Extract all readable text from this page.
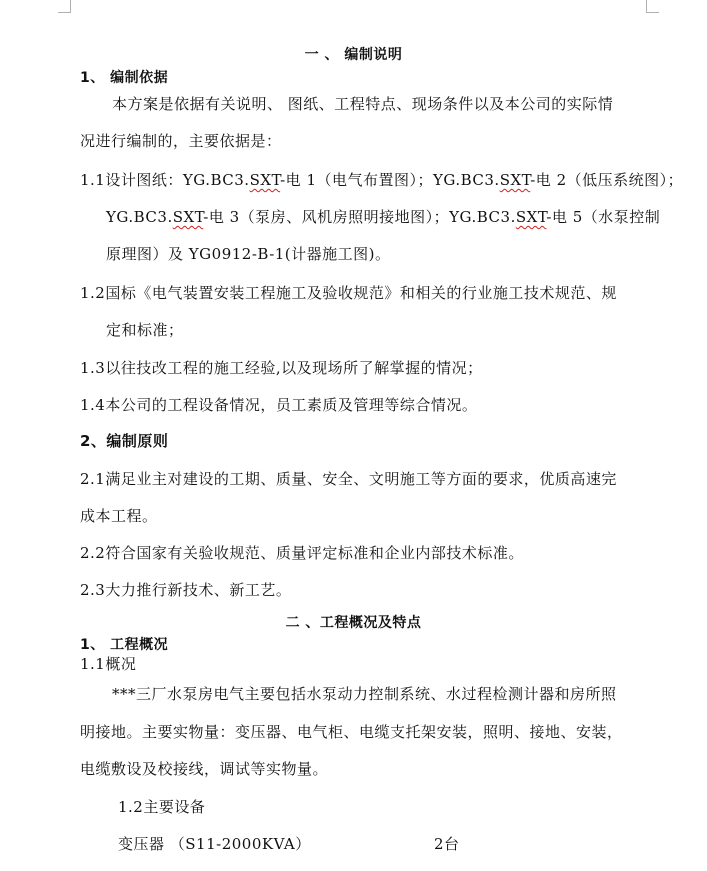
一 、 编制说明
1、 编制依据
本方案是依据有关说明、 图纸、工程特点、现场条件以及本公司的实际情
况进行编制的，主要依据是：
1.1设计图纸：YG.BC3.SXT-电 1（电气布置图）；YG.BC3.SXT-电 2（低压系统图）；
YG.BC3.SXT-电 3（泵房、风机房照明接地图）；YG.BC3.SXT-电 5（水泵控制
原理图）及 YG0912-B-1(计器施工图)。
1.2国标《电气装置安装工程施工及验收规范》和相关的行业施工技术规范、规
定和标准；
1.3以往技改工程的施工经验,以及现场所了解掌握的情况；
1.4本公司的工程设备情况，员工素质及管理等综合情况。
2、编制原则
2.1满足业主对建设的工期、质量、安全、文明施工等方面的要求，优质高速完
成本工程。
2.2符合国家有关验收规范、质量评定标准和企业内部技术标准。
2.3大力推行新技术、新工艺。
二 、工程概况及特点
1、 工程概况
1.1概况
***三厂水泵房电气主要包括水泵动力控制系统、水过程检测计器和房所照
明接地。主要实物量：变压器、电气柜、电缆支托架安装，照明、接地、安装，
电缆敷设及校接线，调试等实物量。
1.2主要设备
变压器 （S11-2000KVA）	2台
